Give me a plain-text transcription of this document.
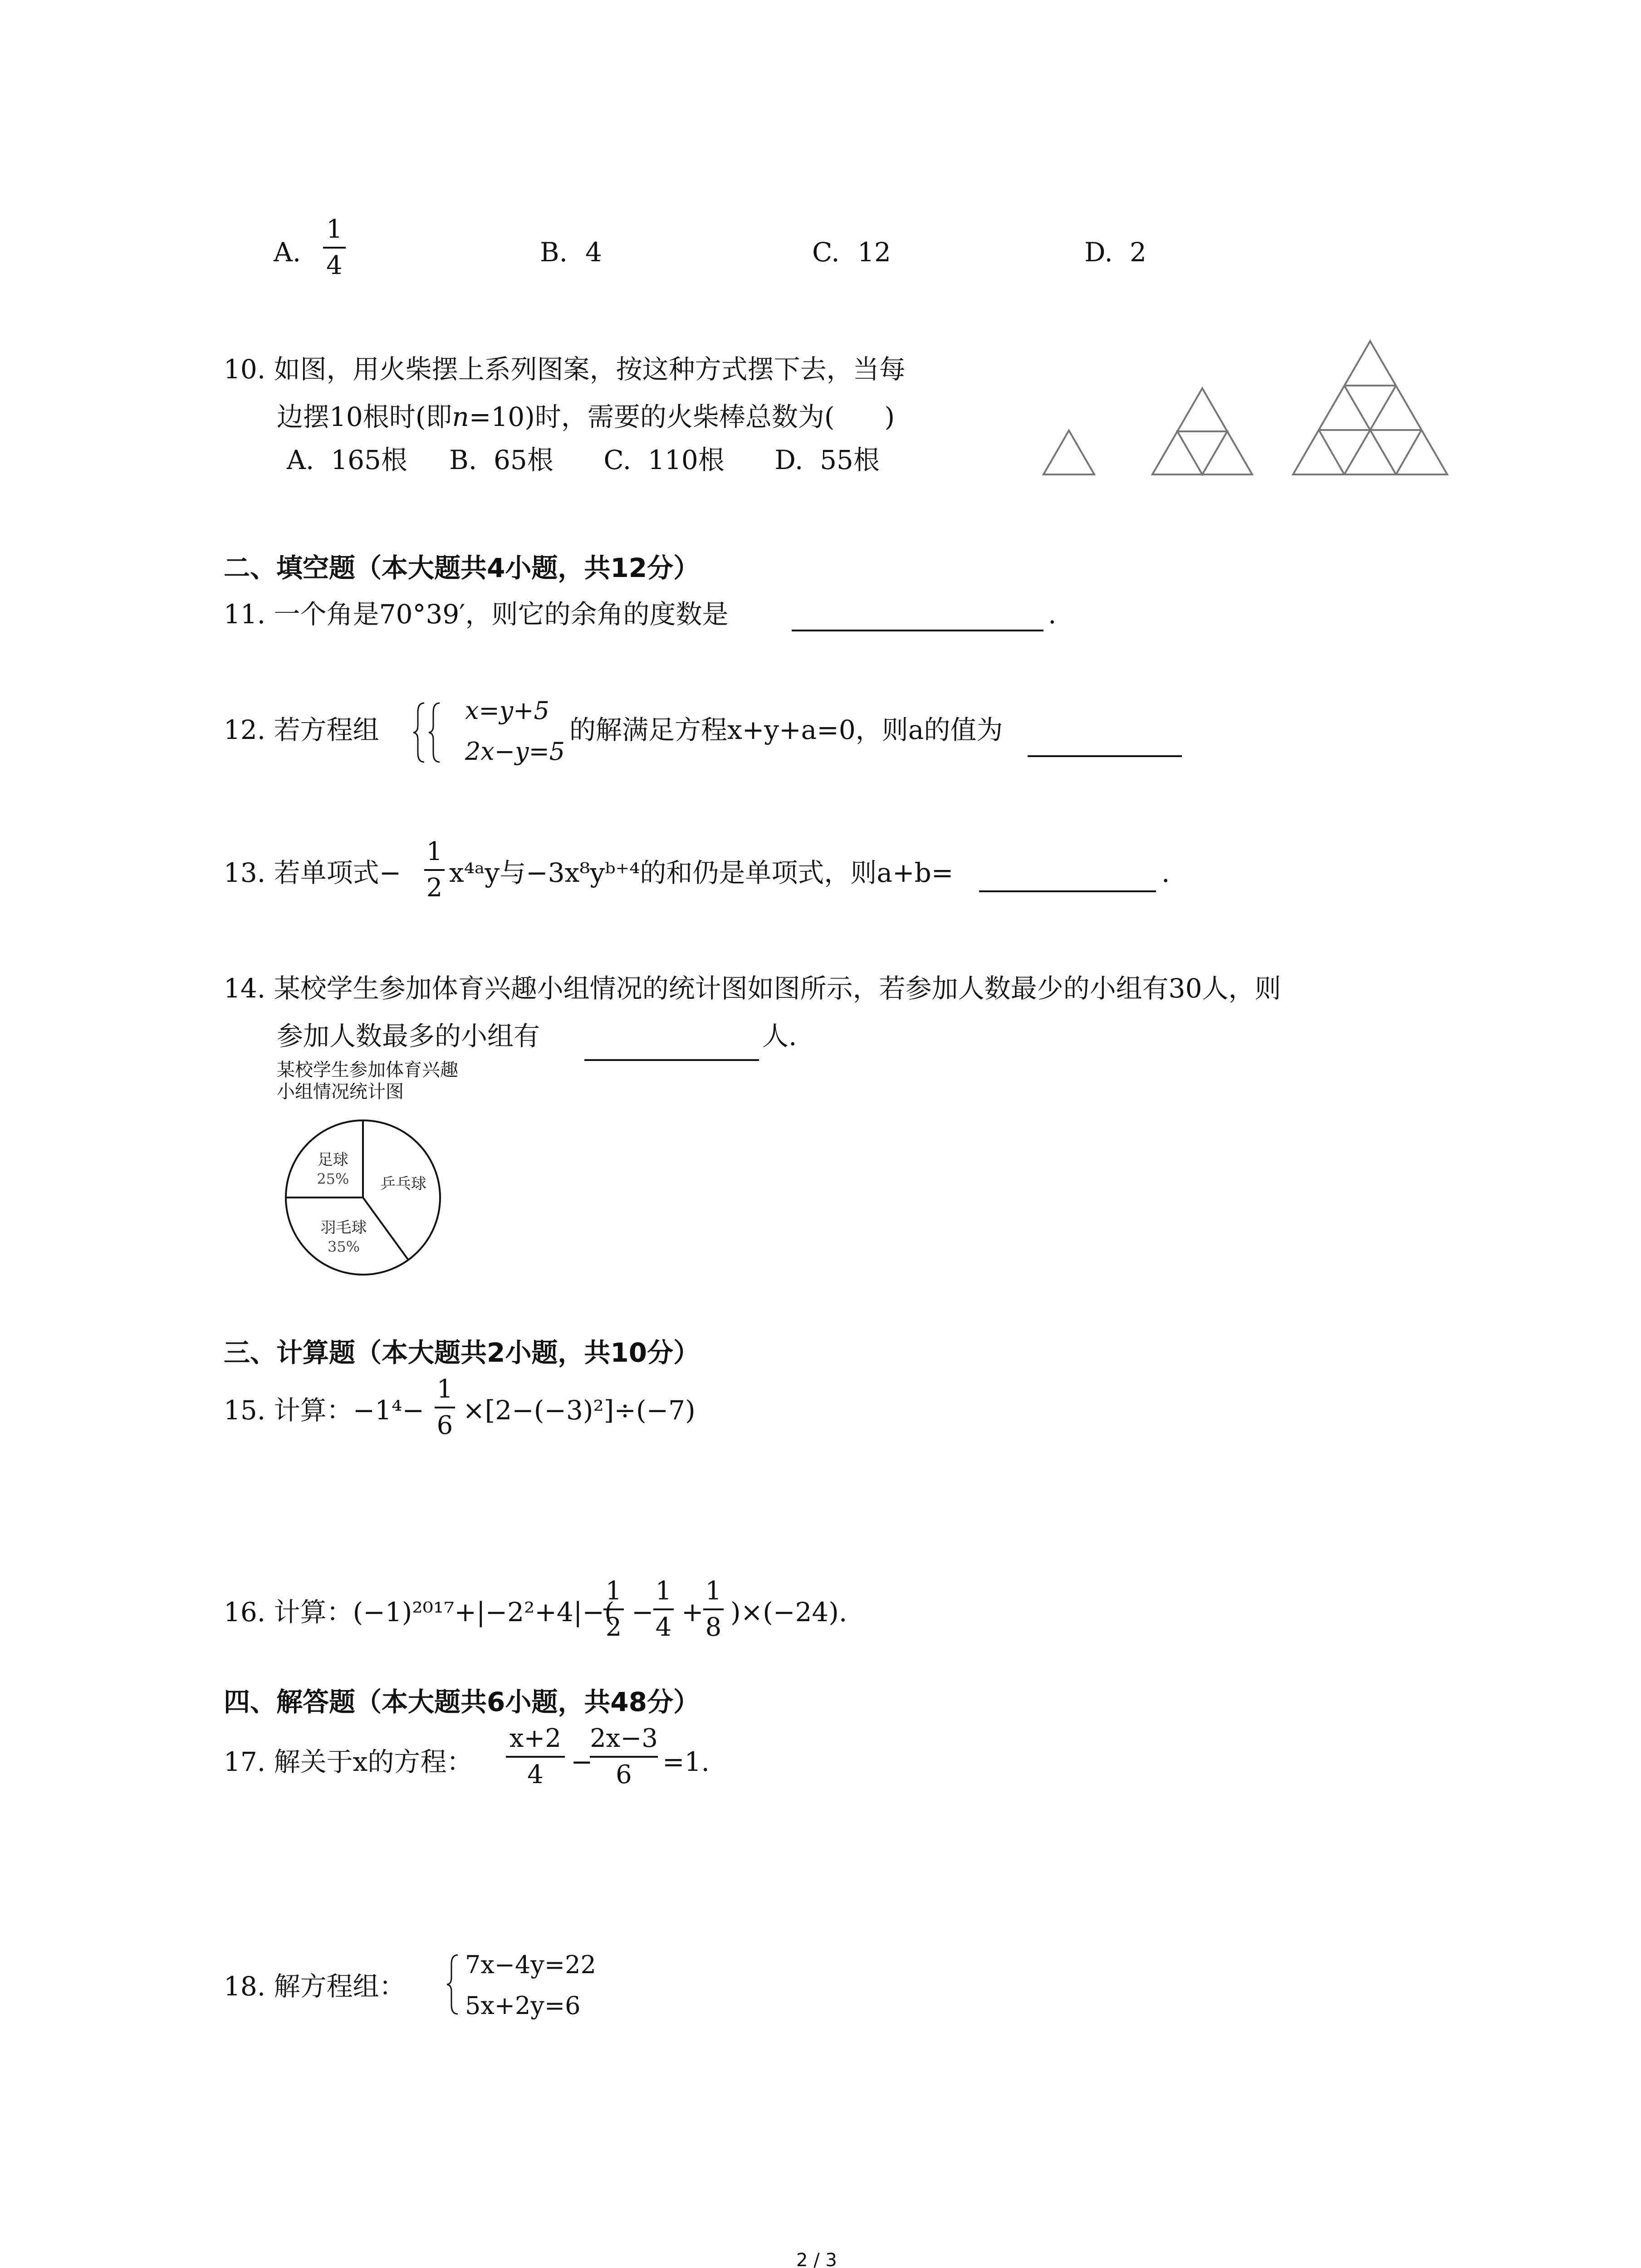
A.
1
4	B. 4	C. 12	D. 2
10. 如图，用火柴摆上系列图案，按这种方式摆下去，当每
边摆10根时(即n=10)时，需要的火柴棒总数为( )
A.  165根     B.  65根      C.  110根      D.  55根
二、填空题（本大题共4小题，共12分）
11. 一个角是70°39′，则它的余角的度数是	.
12. 若方程组
x=y+5
2x−y=5
的解满足方程x+y+a=0，则a的值为
13. 若单项式−
1
2 x⁴ᵃy与−3x⁸yᵇ⁺⁴的和仍是单项式，则a+b=	.
14. 某校学生参加体育兴趣小组情况的统计图如图所示，若参加人数最少的小组有30人，则
参加人数最多的小组有	人.
某校学生参加体育兴趣
小组情况统计图
乒乓球
羽毛球
35%
足球
25%
三、计算题（本大题共2小题，共10分）
15. 计算：−1⁴−
1
6 ×[2−(−3)²]÷(−7)
16. 计算：(−1)²⁰¹⁷+|−2²+4|−(
1
2 −
1
4 +
1
8 )×(−24).
四、解答题（本大题共6小题，共48分）
17. 解关于x的方程：
x+2
4	−
2x−3
6	=1.
18. 解方程组：
7x−4y=22
5x+2y=6
2 / 3
